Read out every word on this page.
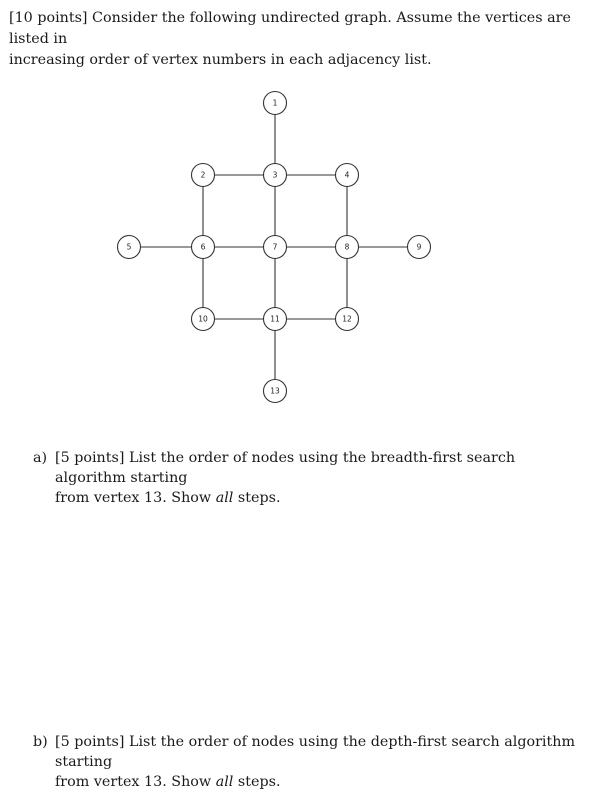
[10 points] Consider the following undirected graph. Assume the vertices are listed in

increasing order of vertex numbers in each adjacency list.

1
2	3	4
5	6	7	8	9
10	11	12
13
a) [5 points] List the order of nodes using the breadth-first search algorithm starting
from vertex 13. Show all steps.
b) [5 points] List the order of nodes using the depth-first search algorithm starting
from vertex 13. Show all steps.
